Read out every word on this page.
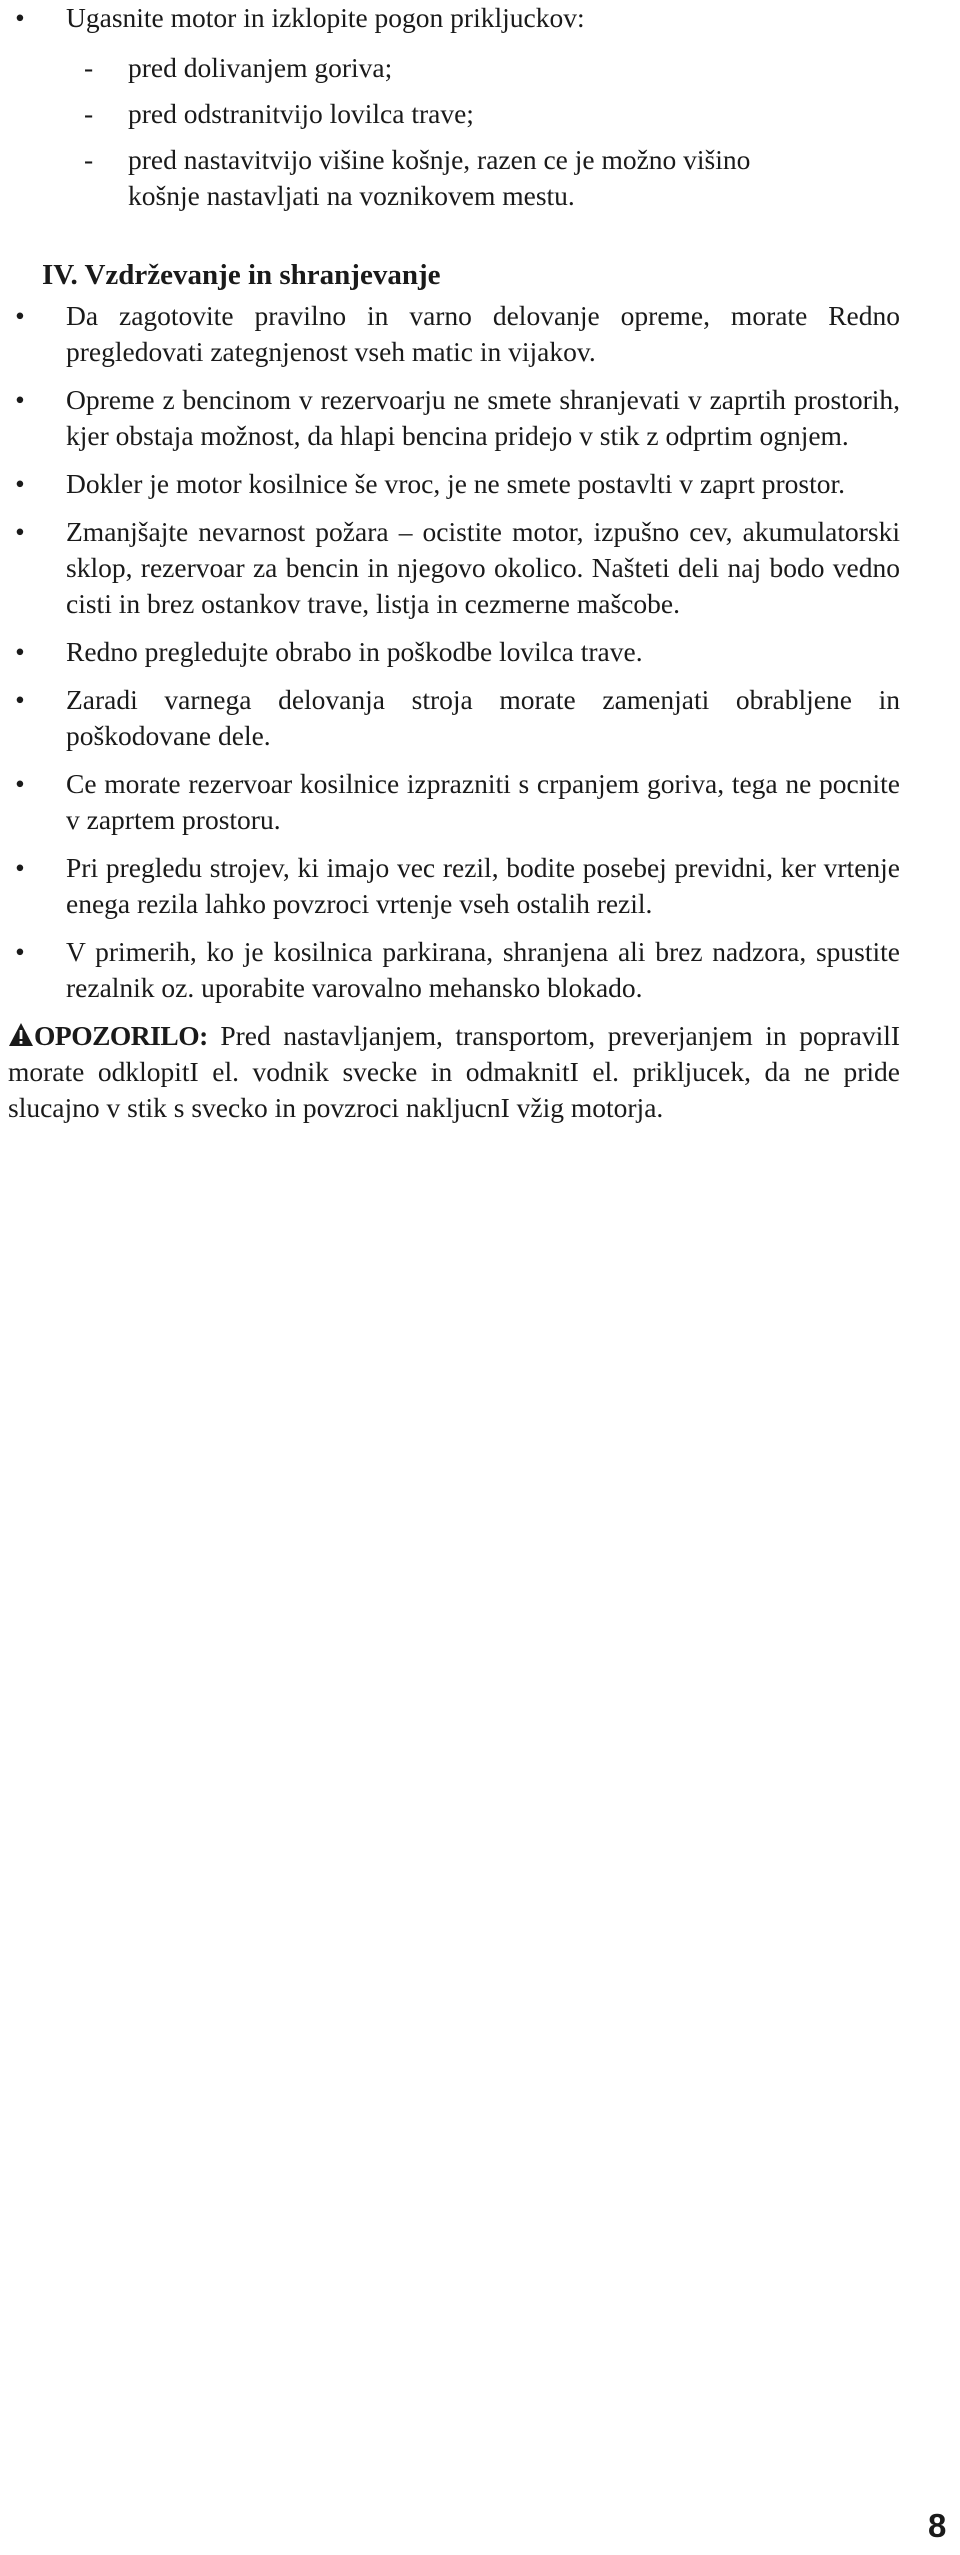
• Ugasnite motor in izklopite pogon prikljuckov:
- pred dolivanjem goriva;
- pred odstranitvijo lovilca trave;
- pred nastavitvijo višine košnje, razen ce je možno višino
košnje nastavljati na voznikovem mestu.
IV. Vzdrževanje in shranjevanje
• Da zagotovite pravilno in varno delovanje opreme, morate Redno pregledovati zategnjenost vseh matic in vijakov.
• Opreme z bencinom v rezervoarju ne smete shranjevati v zaprtih prostorih, kjer obstaja možnost, da hlapi bencina pridejo v stik z odprtim ognjem.
• Dokler je motor kosilnice še vroc, je ne smete postavlti v zaprt prostor.
• Zmanjšajte nevarnost požara – ocistite motor, izpušno cev, akumulatorski sklop, rezervoar za bencin in njegovo okolico. Našteti deli naj bodo vedno cisti in brez ostankov trave, listja in cezmerne mašcobe.
• Redno pregledujte obrabo in poškodbe lovilca trave.
• Zaradi varnega delovanja stroja morate zamenjati obrabljene in poškodovane dele.
• Ce morate rezervoar kosilnice izprazniti s crpanjem goriva, tega ne pocnite v zaprtem prostoru.
• Pri pregledu strojev, ki imajo vec rezil, bodite posebej previdni, ker vrtenje enega rezila lahko povzroci vrtenje vseh ostalih rezil.
• V primerih, ko je kosilnica parkirana, shranjena ali brez nadzora, spustite rezalnik oz. uporabite varovalno mehansko blokado.
OPOZORILO: Pred nastavljanjem, transportom, preverjanjem in popravilI morate odklopitI el. vodnik svecke in odmaknitI el. prikljucek, da ne pride slucajno v stik s svecko in povzroci nakljucnI vžig motorja.
8
